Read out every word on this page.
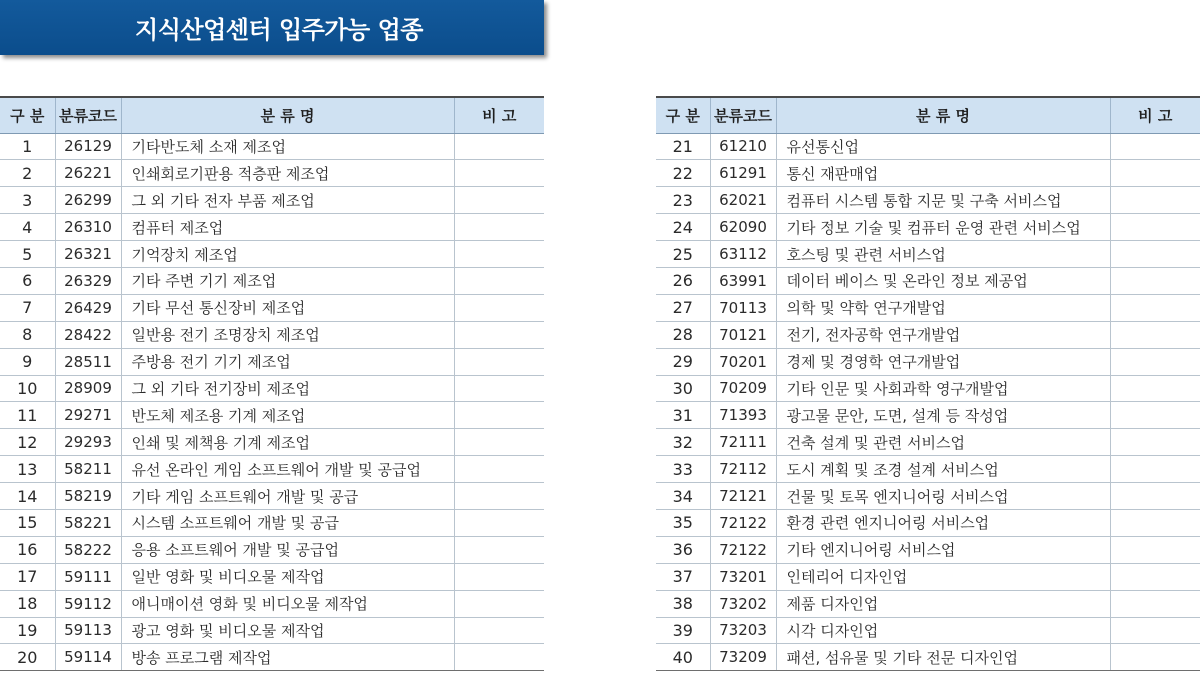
지식산업센터 입주가능 업종
구 분	분류코드	분 류 명	비 고
1	26129	기타반도체 소재 제조업	
2	26221	인쇄회로기판용 적층판 제조업	
3	26299	그 외 기타 전자 부품 제조업	
4	26310	컴퓨터 제조업	
5	26321	기억장치 제조업	
6	26329	기타 주변 기기 제조업	
7	26429	기타 무선 통신장비 제조업	
8	28422	일반용 전기 조명장치 제조업	
9	28511	주방용 전기 기기 제조업	
10	28909	그 외 기타 전기장비 제조업	
11	29271	반도체 제조용 기계 제조업	
12	29293	인쇄 및 제책용 기계 제조업	
13	58211	유선 온라인 게임 소프트웨어 개발 및 공급업	
14	58219	기타 게임 소프트웨어 개발 및 공급	
15	58221	시스템 소프트웨어 개발 및 공급	
16	58222	응용 소프트웨어 개발 및 공급업	
17	59111	일반 영화 및 비디오물 제작업	
18	59112	애니매이션 영화 및 비디오물 제작업	
19	59113	광고 영화 및 비디오물 제작업	
20	59114	방송 프로그램 제작업	
구 분	분류코드	분 류 명	비 고
21	61210	유선통신업	
22	61291	통신 재판매업	
23	62021	컴퓨터 시스템 통합 지문 및 구축 서비스업	
24	62090	기타 정보 기술 및 컴퓨터 운영 관련 서비스업	
25	63112	호스팅 및 관련 서비스업	
26	63991	데이터 베이스 및 온라인 정보 제공업	
27	70113	의학 및 약학 연구개발업	
28	70121	전기, 전자공학 연구개발업	
29	70201	경제 및 경영학 연구개발업	
30	70209	기타 인문 및 사회과학 영구개발업	
31	71393	광고물 문안, 도면, 설계 등 작성업	
32	72111	건축 설계 및 관련 서비스업	
33	72112	도시 계획 및 조경 설계 서비스업	
34	72121	건물 및 토목 엔지니어링 서비스업	
35	72122	환경 관련 엔지니어링 서비스업	
36	72122	기타 엔지니어링 서비스업	
37	73201	인테리어 디자인업	
38	73202	제품 디자인업	
39	73203	시각 디자인업	
40	73209	패션, 섬유물 및 기타 전문 디자인업	
